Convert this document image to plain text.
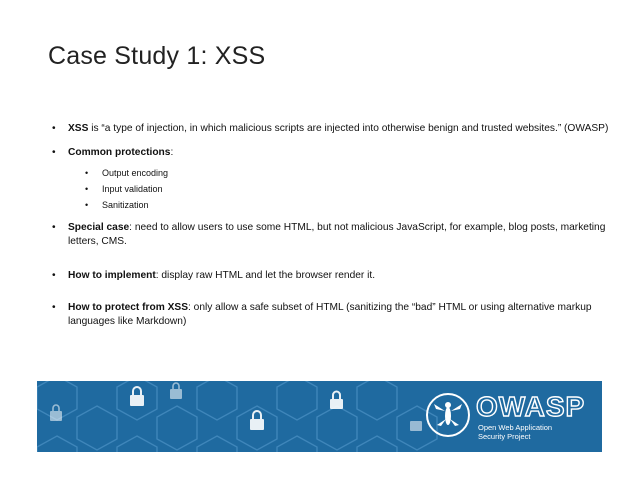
Case Study 1: XSS
• XSS is “a type of injection, in which malicious scripts are injected into otherwise benign and trusted websites.” (OWASP)
• Common protections:
• Output encoding
• Input validation
• Sanitization
• Special case: need to allow users to use some HTML, but not malicious JavaScript, for example, blog posts, marketing letters, CMS.
• How to implement: display raw HTML and let the browser render it.
• How to protect from XSS: only allow a safe subset of HTML (sanitizing the “bad” HTML or using alternative markup languages like Markdown)
OWASP
Open Web Application
Security Project
